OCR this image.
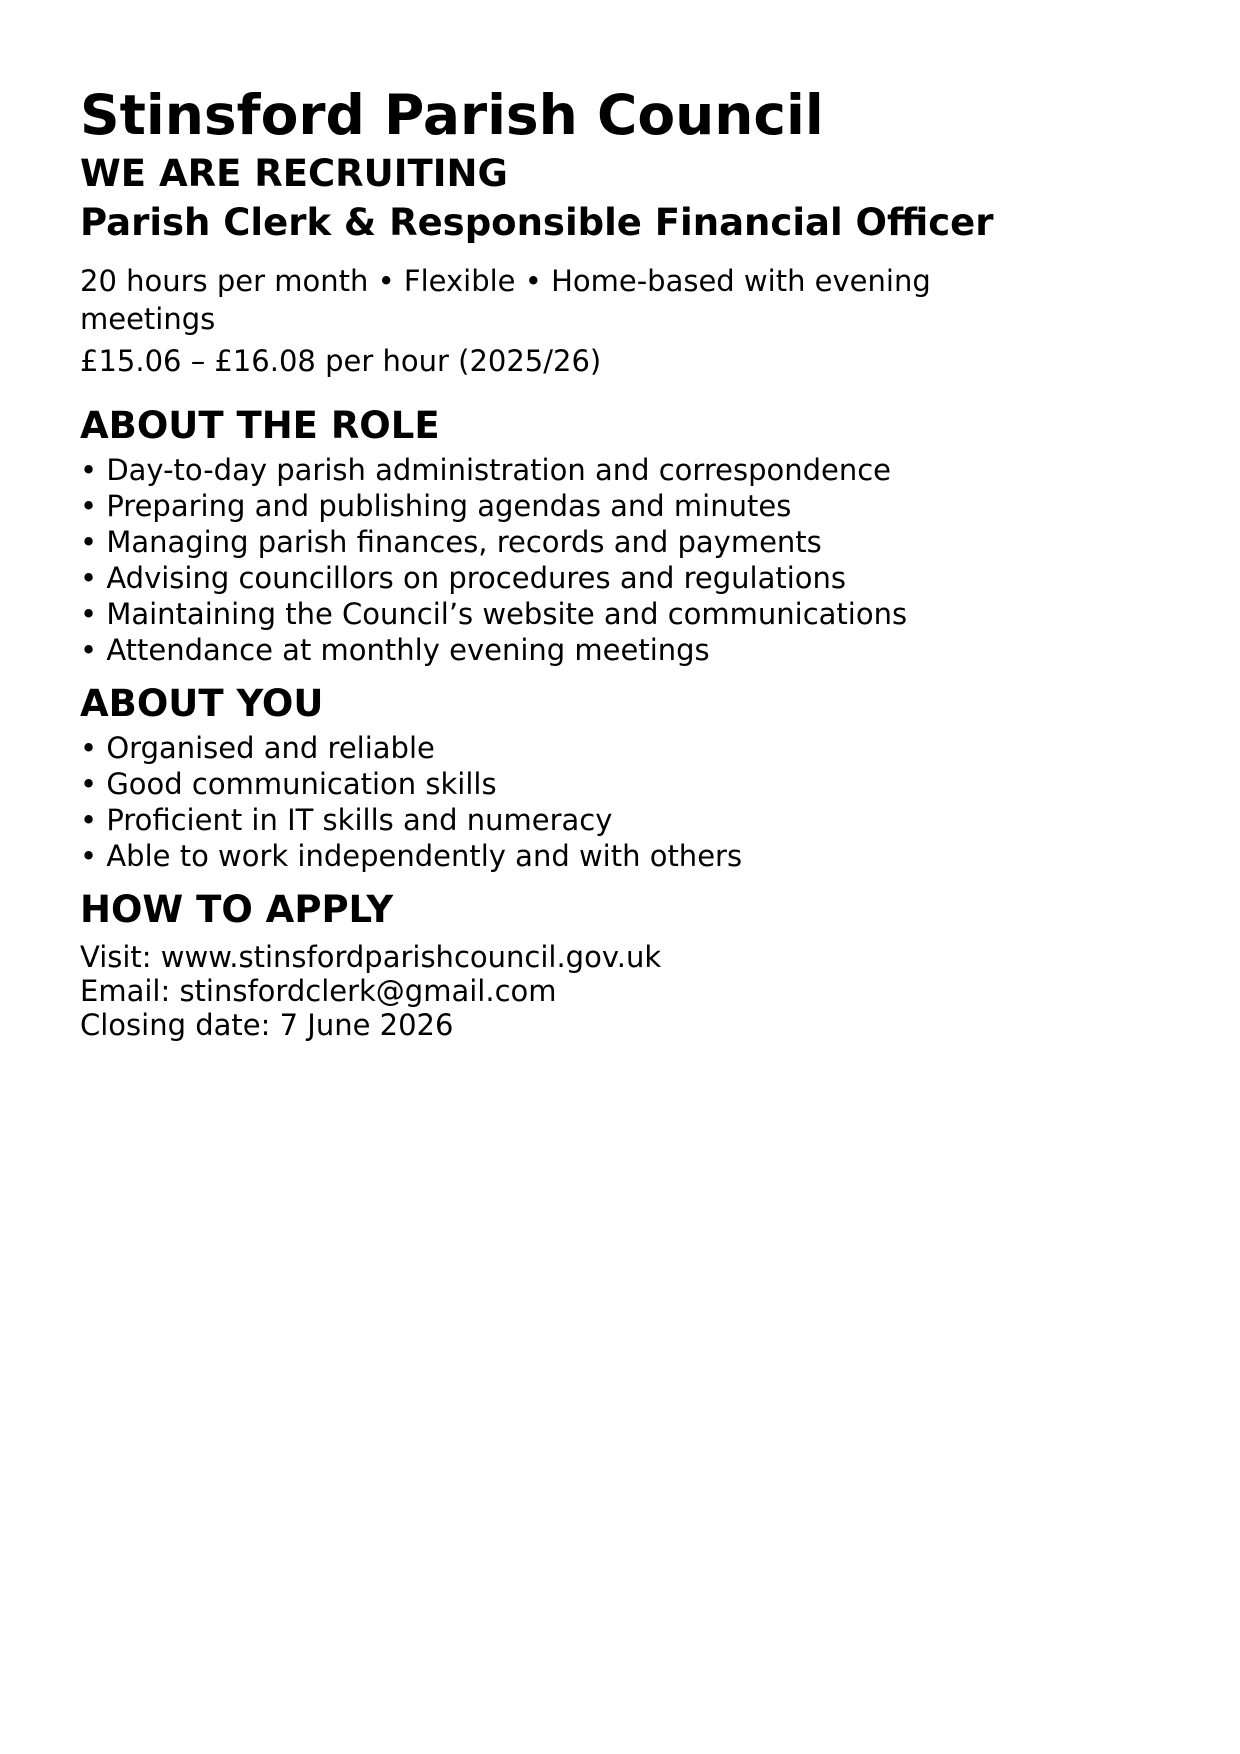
Stinsford Parish Council
WE ARE RECRUITING
Parish Clerk & Responsible Financial Officer

20 hours per month • Flexible • Home-based with evening meetings

£15.06 – £16.08 per hour (2025/26)

ABOUT THE ROLE
• Day-to-day parish administration and correspondence
• Preparing and publishing agendas and minutes
• Managing parish finances, records and payments
• Advising councillors on procedures and regulations
• Maintaining the Council’s website and communications
• Attendance at monthly evening meetings
ABOUT YOU
• Organised and reliable
• Good communication skills
• Proficient in IT skills and numeracy
• Able to work independently and with others
HOW TO APPLY
Visit: www.stinsfordparishcouncil.gov.uk
Email: stinsfordclerk@gmail.com
Closing date: 7 June 2026
